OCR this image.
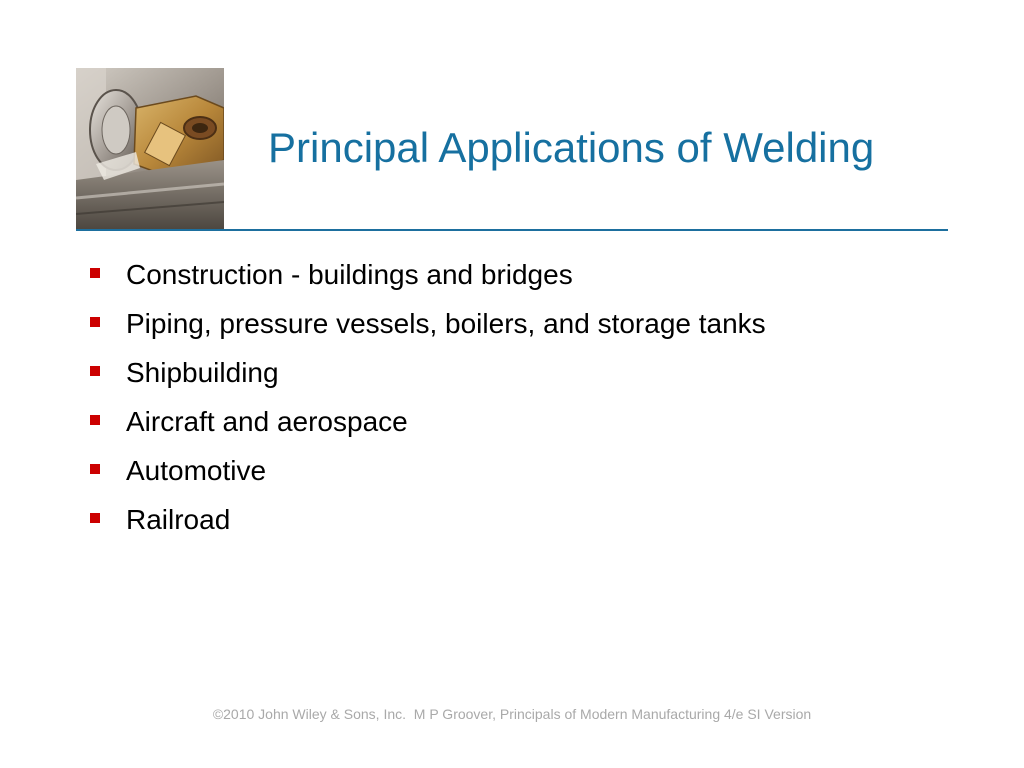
Principal Applications of Welding
Construction - buildings and bridges
Piping, pressure vessels, boilers, and storage tanks
Shipbuilding
Aircraft and aerospace
Automotive
Railroad
©2010 John Wiley & Sons, Inc.  M P Groover, Principals of Modern Manufacturing 4/e SI Version
